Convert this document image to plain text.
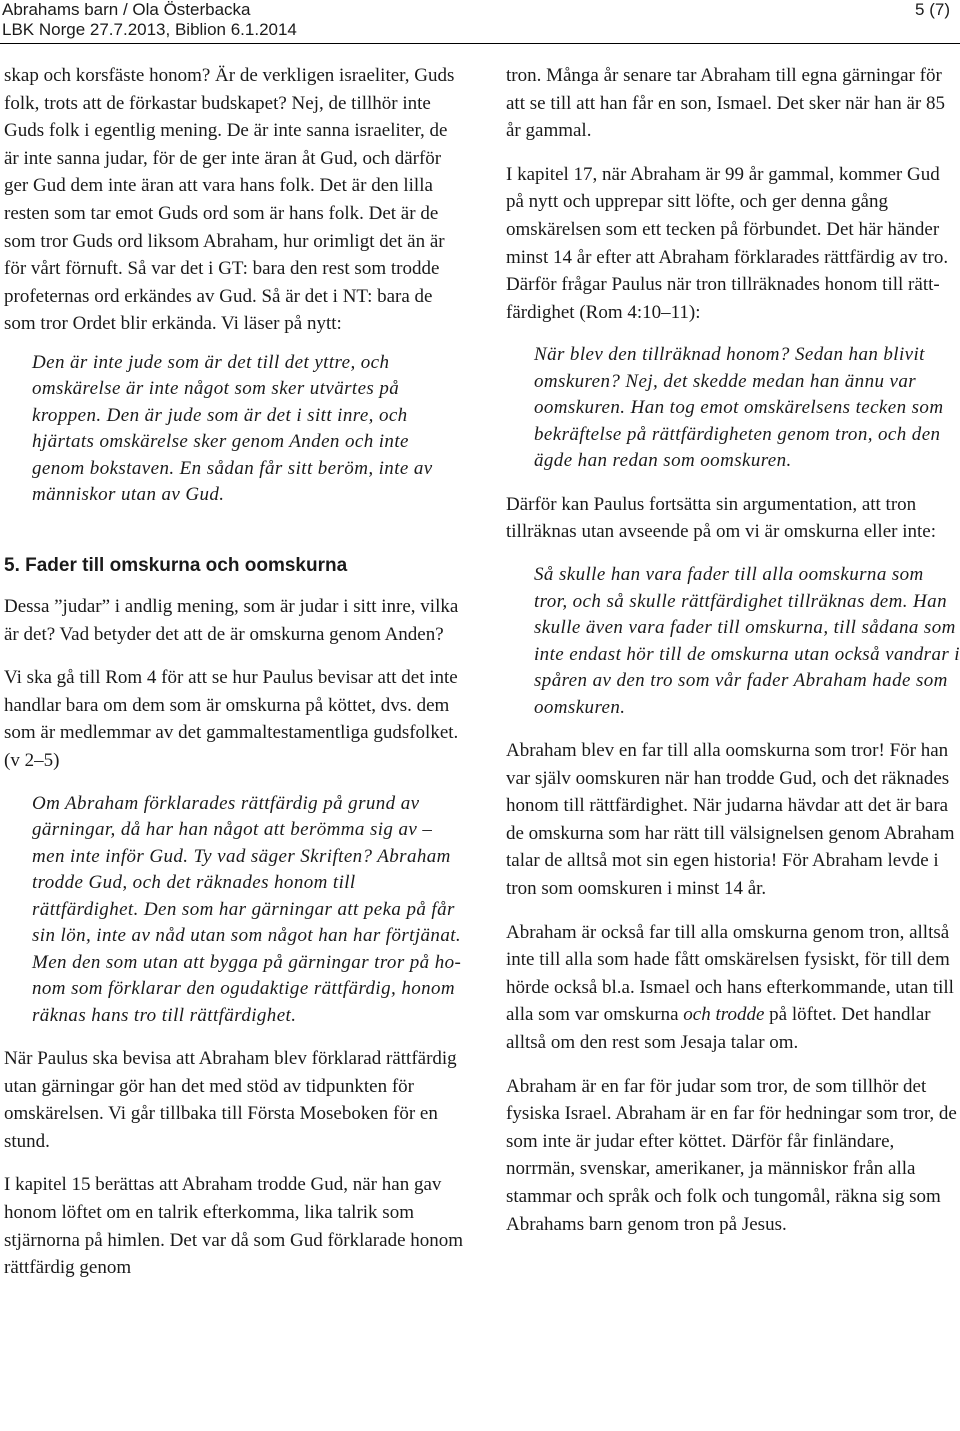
Abrahams barn / Ola Österbacka
LBK Norge 27.7.2013, Biblion 6.1.2014
5 (7)

skap och korsfäste honom? Är de verkligen israeliter, Guds folk, trots att de förkastar budskapet? Nej, de tillhör inte Guds folk i egentlig mening. De är inte sanna israeliter, de är inte sanna judar, för de ger inte äran åt Gud, och därför ger Gud dem inte äran att vara hans folk. Det är den lilla resten som tar emot Guds ord som är hans folk. Det är de som tror Guds ord liksom Abraham, hur orimligt det än är för vårt förnuft. Så var det i GT: bara den rest som trodde profeternas ord erkändes av Gud. Så är det i NT: bara de som tror Ordet blir erkända. Vi läser på nytt:

Den är inte jude som är det till det yttre, och omskärelse är inte något som sker utvärtes på kroppen. Den är jude som är det i sitt inre, och hjärtats omskärelse sker genom Anden och inte genom bokstaven. En sådan får sitt beröm, inte av människor utan av Gud.

5. Fader till omskurna och oomskurna

Dessa ”judar” i andlig mening, som är judar i sitt inre, vilka är det? Vad betyder det att de är omskurna genom Anden?

Vi ska gå till Rom 4 för att se hur Paulus bevisar att det inte handlar bara om dem som är omskurna på köttet, dvs. dem som är medlemmar av det gammaltestamentliga gudsfolket. (v 2–5)

Om Abraham förklarades rättfärdig på grund av gärningar, då har han något att berömma sig av – men inte inför Gud. Ty vad säger Skriften? Abraham trodde Gud, och det räknades honom till rättfärdighet. Den som har gärningar att peka på får sin lön, inte av nåd utan som något han har förtjänat. Men den som utan att bygga på gärningar tror på honom som förklarar den ogudaktige rättfärdig, honom räknas hans tro till rättfärdighet.

När Paulus ska bevisa att Abraham blev förklarad rättfärdig utan gärningar gör han det med stöd av tidpunkten för omskärelsen. Vi går tillbaka till Första Moseboken för en stund.

I kapitel 15 berättas att Abraham trodde Gud, när han gav honom löftet om en talrik efterkomma, lika talrik som stjärnorna på himlen. Det var då som Gud förklarade honom rättfärdig genom

tron. Många år senare tar Abraham till egna gärningar för att se till att han får en son, Ismael. Det sker när han är 85 år gammal.

I kapitel 17, när Abraham är 99 år gammal, kommer Gud på nytt och upprepar sitt löfte, och ger denna gång omskärelsen som ett tecken på förbundet. Det här händer minst 14 år efter att Abraham förklarades rättfärdig av tro. Därför frågar Paulus när tron tillräknades honom till rättfärdighet (Rom 4:10–11):

När blev den tillräknad honom? Sedan han blivit omskuren? Nej, det skedde medan han ännu var oomskuren. Han tog emot omskärelsens tecken som bekräftelse på rättfärdigheten genom tron, och den ägde han redan som oomskuren.

Därför kan Paulus fortsätta sin argumentation, att tron tillräknas utan avseende på om vi är omskurna eller inte:

Så skulle han vara fader till alla oomskurna som tror, och så skulle rättfärdighet tillräknas dem. Han skulle även vara fader till omskurna, till sådana som inte endast hör till de omskurna utan också vandrar i spåren av den tro som vår fader Abraham hade som oomskuren.

Abraham blev en far till alla oomskurna som tror! För han var själv oomskuren när han trodde Gud, och det räknades honom till rättfärdighet. När judarna hävdar att det är bara de omskurna som har rätt till välsignelsen genom Abraham talar de alltså mot sin egen historia! För Abraham levde i tron som oomskuren i minst 14 år.

Abraham är också far till alla omskurna genom tron, alltså inte till alla som hade fått omskärelsen fysiskt, för till dem hörde också bl.a. Ismael och hans efterkommande, utan till alla som var omskurna och trodde på löftet. Det handlar alltså om den rest som Jesaja talar om.

Abraham är en far för judar som tror, de som tillhör det fysiska Israel. Abraham är en far för hedningar som tror, de som inte är judar efter köttet. Därför får finländare, norrmän, svenskar, amerikaner, ja människor från alla stammar och språk och folk och tungomål, räkna sig som Abrahams barn genom tron på Jesus.
